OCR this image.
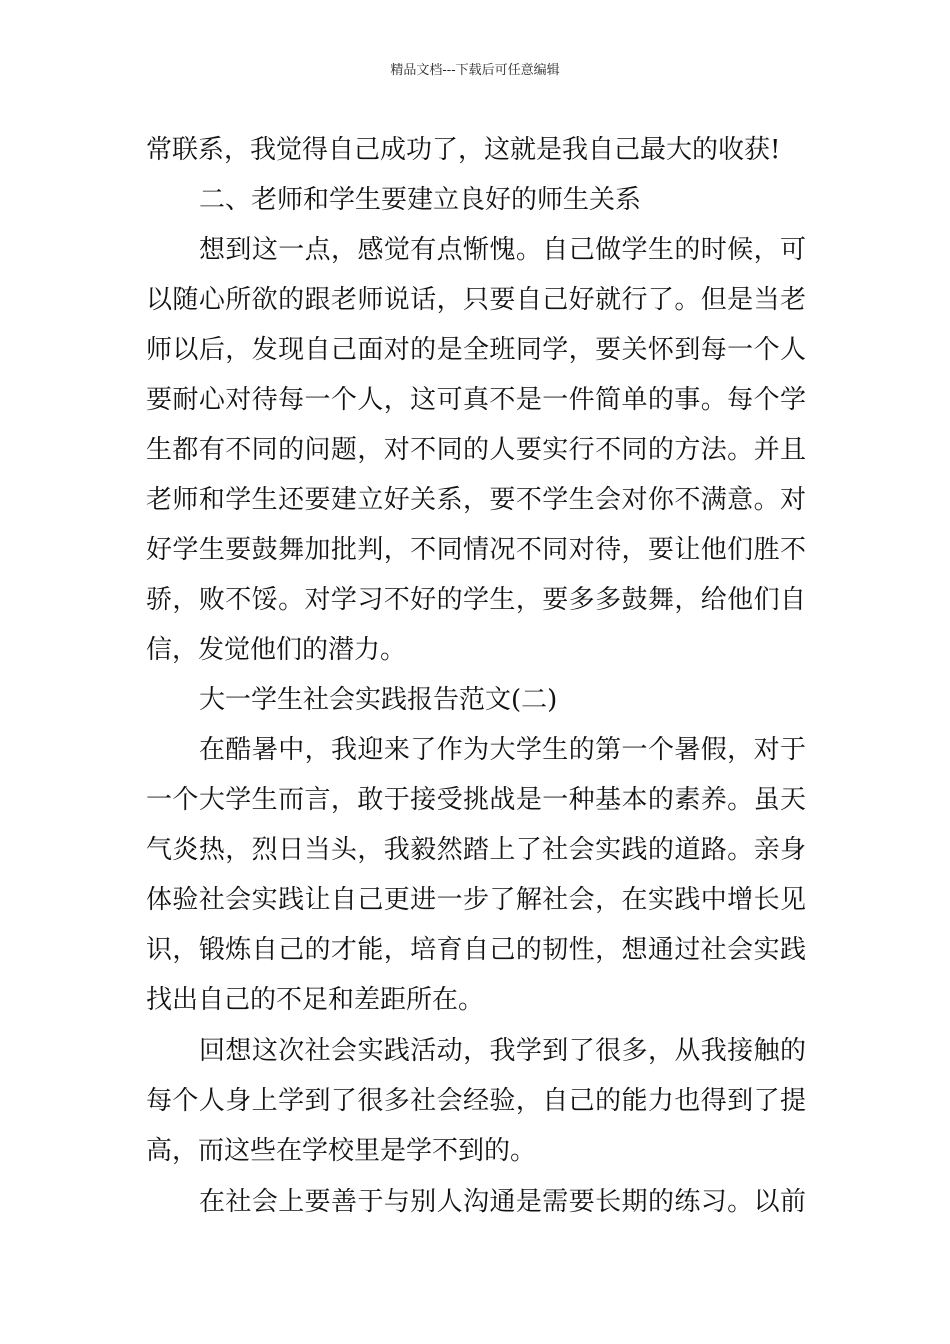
精品文档---下载后可任意编辑
常联系，我觉得自己成功了，这就是我自己最大的收获!
二、老师和学生要建立良好的师生关系
想到这一点，感觉有点惭愧。自己做学生的时候，可
以随心所欲的跟老师说话，只要自己好就行了。但是当老
师以后，发现自己面对的是全班同学，要关怀到每一个人
要耐心对待每一个人，这可真不是一件简单的事。每个学
生都有不同的问题，对不同的人要实行不同的方法。并且
老师和学生还要建立好关系，要不学生会对你不满意。对
好学生要鼓舞加批判，不同情况不同对待，要让他们胜不
骄，败不馁。对学习不好的学生，要多多鼓舞，给他们自
信，发觉他们的潜力。
大一学生社会实践报告范文(二)
在酷暑中，我迎来了作为大学生的第一个暑假，对于
一个大学生而言，敢于接受挑战是一种基本的素养。虽天
气炎热，烈日当头，我毅然踏上了社会实践的道路。亲身
体验社会实践让自己更进一步了解社会，在实践中增长见
识，锻炼自己的才能，培育自己的韧性，想通过社会实践
找出自己的不足和差距所在。
回想这次社会实践活动，我学到了很多，从我接触的
每个人身上学到了很多社会经验，自己的能力也得到了提
高，而这些在学校里是学不到的。
在社会上要善于与别人沟通是需要长期的练习。以前
